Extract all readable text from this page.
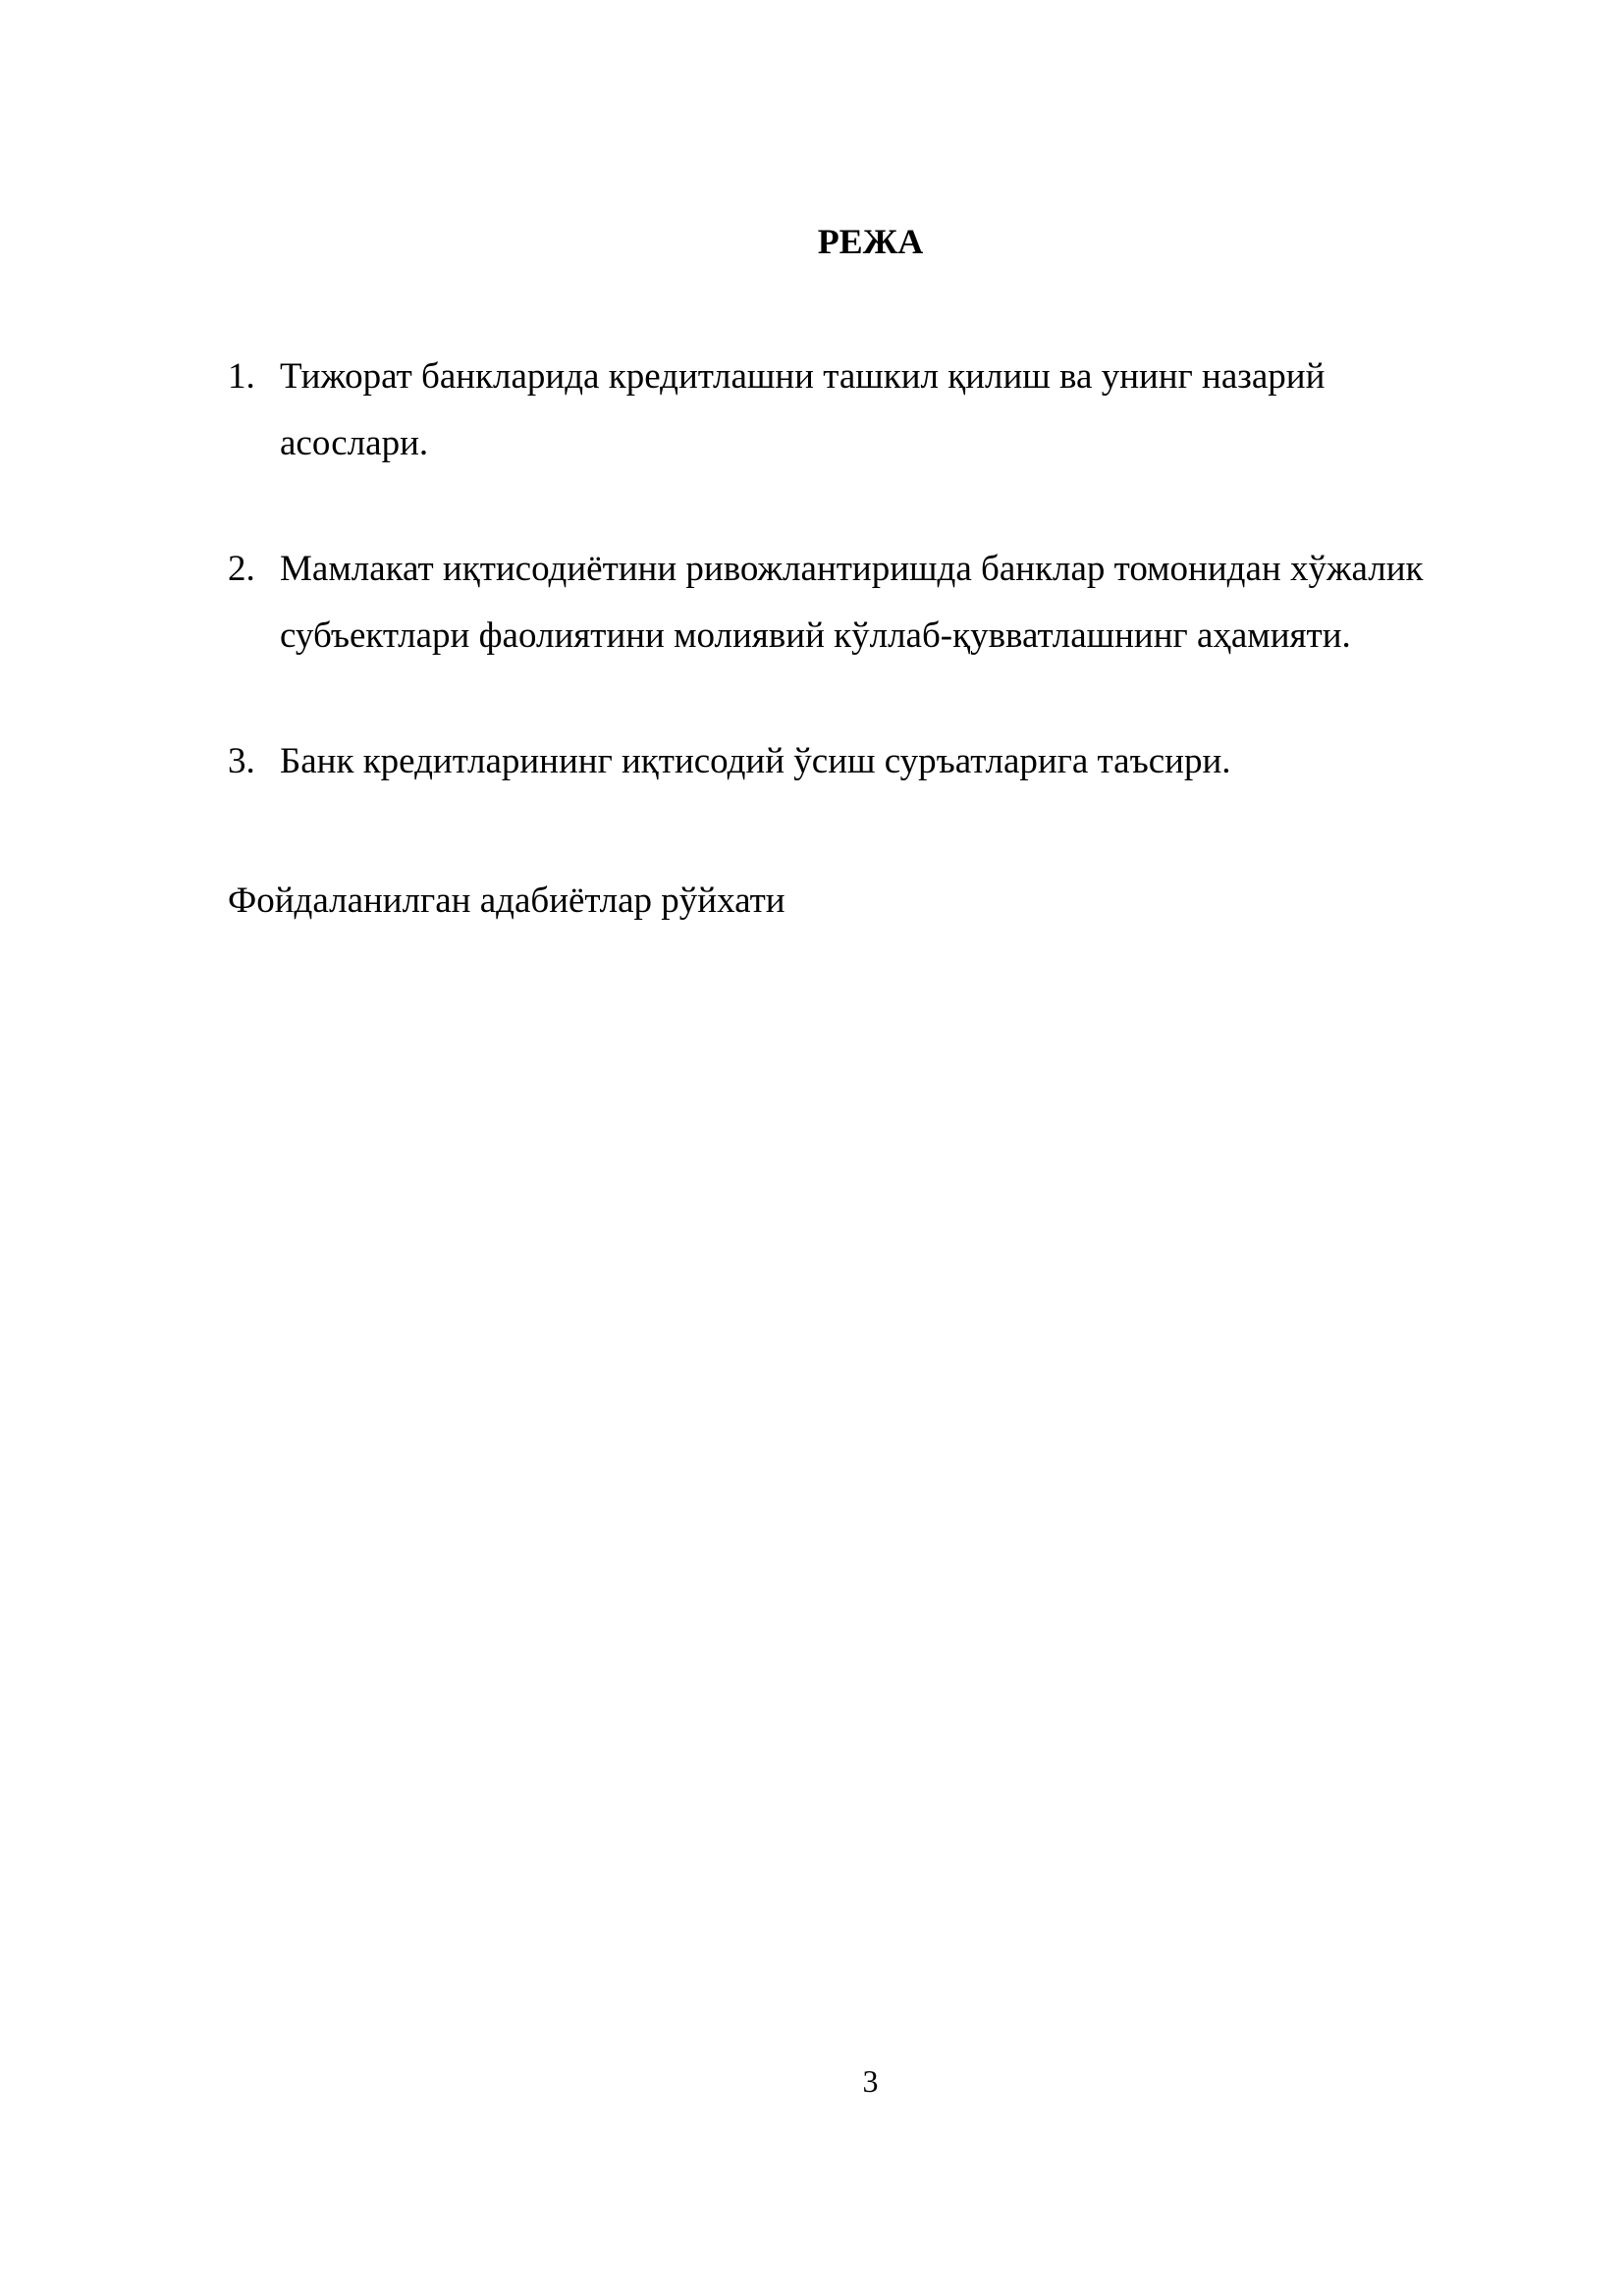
РЕЖА
1. Тижорат банкларида кредитлашни ташкил қилиш ва унинг назарий асослари.
2. Мамлакат иқтисодиётини ривожлантиришда банклар томонидан хўжалик субъектлари фаолиятини молиявий кўллаб-қувватлашнинг аҳамияти.
3. Банк кредитларининг иқтисодий ўсиш суръатларига таъсири.

Фойдаланилган адабиётлар рўйхати

3
